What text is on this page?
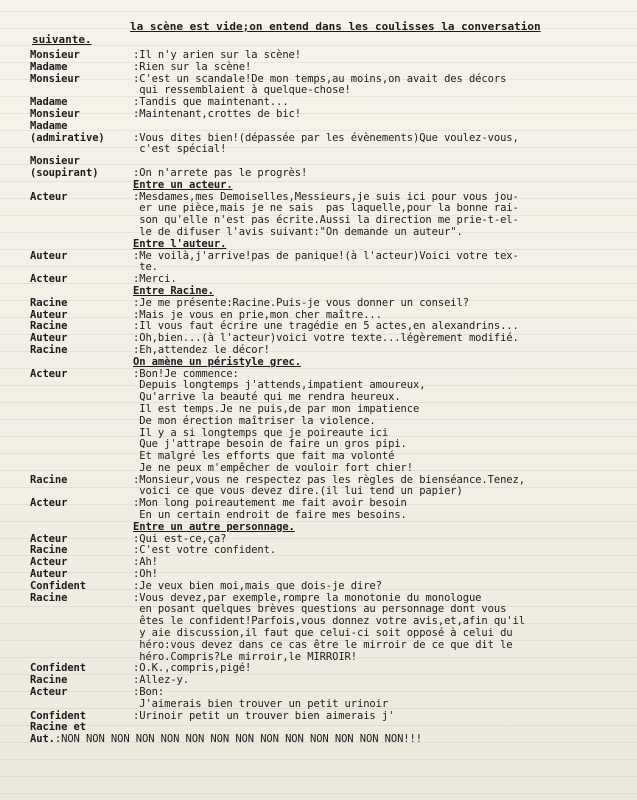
la scène est vide;on entend dans les coulisses la conversation
suivante.
Monsieur	:Il n'y arien sur la scène!
Madame	:Rien sur la scène!
Monsieur	:C'est un scandale!De mon temps,au moins,on avait des décors
qui ressemblaient à quelque-chose!
Madame	:Tandis que maintenant...
Monsieur	:Maintenant,crottes de bic!
Madame
(admirative)	:Vous dites bien!(dépassée par les évènements)Que voulez-vous,
c'est spécial!
Monsieur
(soupirant)	:On n'arrete pas le progrès!
Entre un acteur.
Acteur	:Mesdames,mes Demoiselles,Messieurs,je suis ici pour vous jou-
er une pièce,mais je ne sais  pas laquelle,pour la bonne rai-
son qu'elle n'est pas écrite.Aussi la direction me prie-t-el-
le de difuser l'avis suivant:"On demande un auteur".
Entre l'auteur.
Auteur	:Me voilà,j'arrive!pas de panique!(à l'acteur)Voici votre tex-
te.
Acteur	:Merci.
Entre Racine.
Racine	:Je me présente:Racine.Puis-je vous donner un conseil?
Auteur	:Mais je vous en prie,mon cher maître...
Racine	:Il vous faut écrire une tragédie en 5 actes,en alexandrins...
Auteur	:Oh,bien...(à l'acteur)voici votre texte...légèrement modifié.
Racine	:Eh,attendez le décor!
On amène un péristyle grec.
Acteur	:Bon!Je commence:
Depuis longtemps j'attends,impatient amoureux,
Qu'arrive la beauté qui me rendra heureux.
Il est temps.Je ne puis,de par mon impatience
De mon érection maîtriser la violence.
Il y a si longtemps que je poireaute ici
Que j'attrape besoin de faire un gros pipi.
Et malgré les efforts que fait ma volonté
Je ne peux m'empêcher de vouloir fort chier!
Racine	:Monsieur,vous ne respectez pas les règles de bienséance.Tenez,
voici ce que vous devez dire.(il lui tend un papier)
Acteur	:Mon long poireautement me fait avoir besoin
En un certain endroit de faire mes besoins.
Entre un autre personnage.
Acteur	:Qui est-ce,ça?
Racine	:C'est votre confident.
Acteur	:Ah!
Auteur	:Oh!
Confident	:Je veux bien moi,mais que dois-je dire?
Racine	:Vous devez,par exemple,rompre la monotonie du monologue
en posant quelques brèves questions au personnage dont vous
êtes le confident!Parfois,vous donnez votre avis,et,afin qu'il
y aie discussion,il faut que celui-ci soit opposé à celui du
héro:vous devez dans ce cas être le mirroir de ce que dit le
héro.Compris?Le mirroir,le MIRROIR!
Confident	:O.K.,compris,pigé!
Racine	:Allez-y.
Acteur	:Bon:
J'aimerais bien trouver un petit urinoir
Confident	:Urinoir petit un trouver bien aimerais j'
Racine et
Aut. :NON NON NON NON NON NON NON NON NON NON NON NON NON NON!!!
